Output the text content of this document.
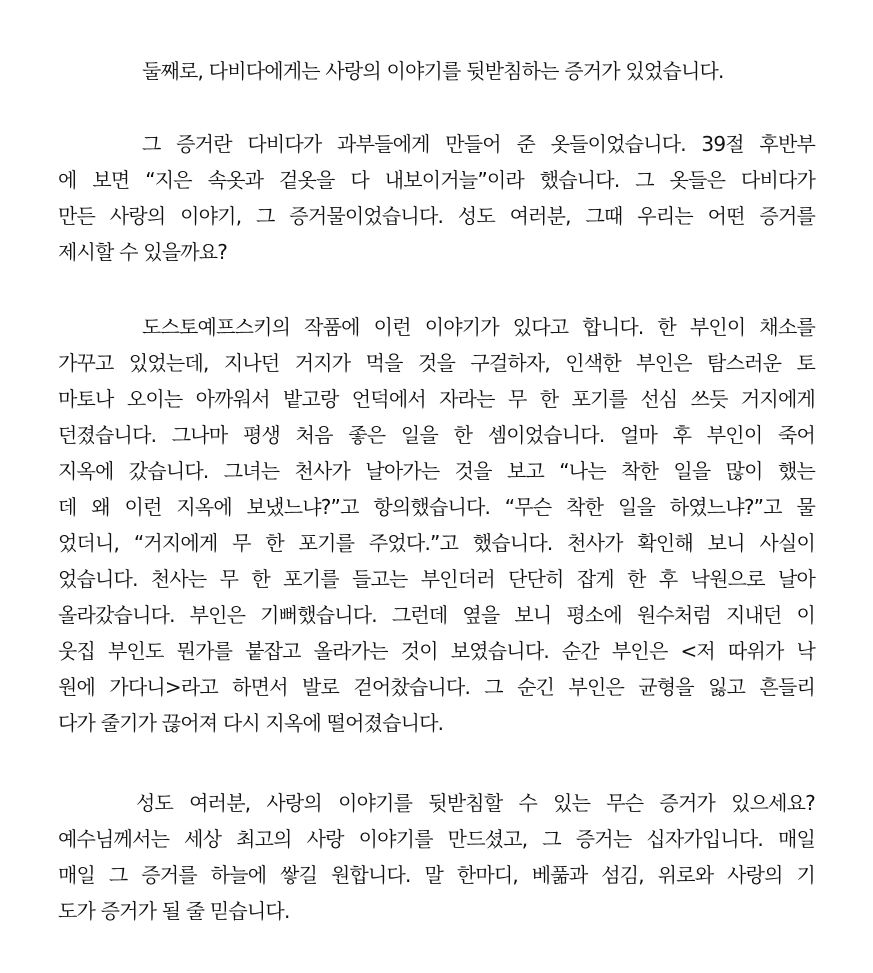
둘째로, 다비다에게는 사랑의 이야기를 뒷받침하는 증거가 있었습니다.
그 증거란 다비다가 과부들에게 만들어 준 옷들이었습니다. 39절 후반부
에 보면 “지은 속옷과 겉옷을 다 내보이거늘”이라 했습니다. 그 옷들은 다비다가
만든 사랑의 이야기, 그 증거물이었습니다. 성도 여러분, 그때 우리는 어떤 증거를
제시할 수 있을까요?
도스토예프스키의 작품에 이런 이야기가 있다고 합니다. 한 부인이 채소를
가꾸고 있었는데, 지나던 거지가 먹을 것을 구걸하자, 인색한 부인은 탐스러운 토
마토나 오이는 아까워서 밭고랑 언덕에서 자라는 무 한 포기를 선심 쓰듯 거지에게
던졌습니다. 그나마 평생 처음 좋은 일을 한 셈이었습니다. 얼마 후 부인이 죽어
지옥에 갔습니다. 그녀는 천사가 날아가는 것을 보고 “나는 착한 일을 많이 했는
데 왜 이런 지옥에 보냈느냐?”고 항의했습니다. “무슨 착한 일을 하였느냐?”고 물
었더니, “거지에게 무 한 포기를 주었다.”고 했습니다. 천사가 확인해 보니 사실이
었습니다. 천사는 무 한 포기를 들고는 부인더러 단단히 잡게 한 후 낙원으로 날아
올라갔습니다. 부인은 기뻐했습니다. 그런데 옆을 보니 평소에 원수처럼 지내던 이
웃집 부인도 뭔가를 붙잡고 올라가는 것이 보였습니다. 순간 부인은 <저 따위가 낙
원에 가다니>라고 하면서 발로 걷어찼습니다. 그 순긴 부인은 균형을 잃고 흔들리
다가 줄기가 끊어져 다시 지옥에 떨어졌습니다.
성도 여러분, 사랑의 이야기를 뒷받침할 수 있는 무슨 증거가 있으세요?
예수님께서는 세상 최고의 사랑 이야기를 만드셨고, 그 증거는 십자가입니다. 매일
매일 그 증거를 하늘에 쌓길 원합니다. 말 한마디, 베풂과 섬김, 위로와 사랑의 기
도가 증거가 될 줄 믿습니다.
